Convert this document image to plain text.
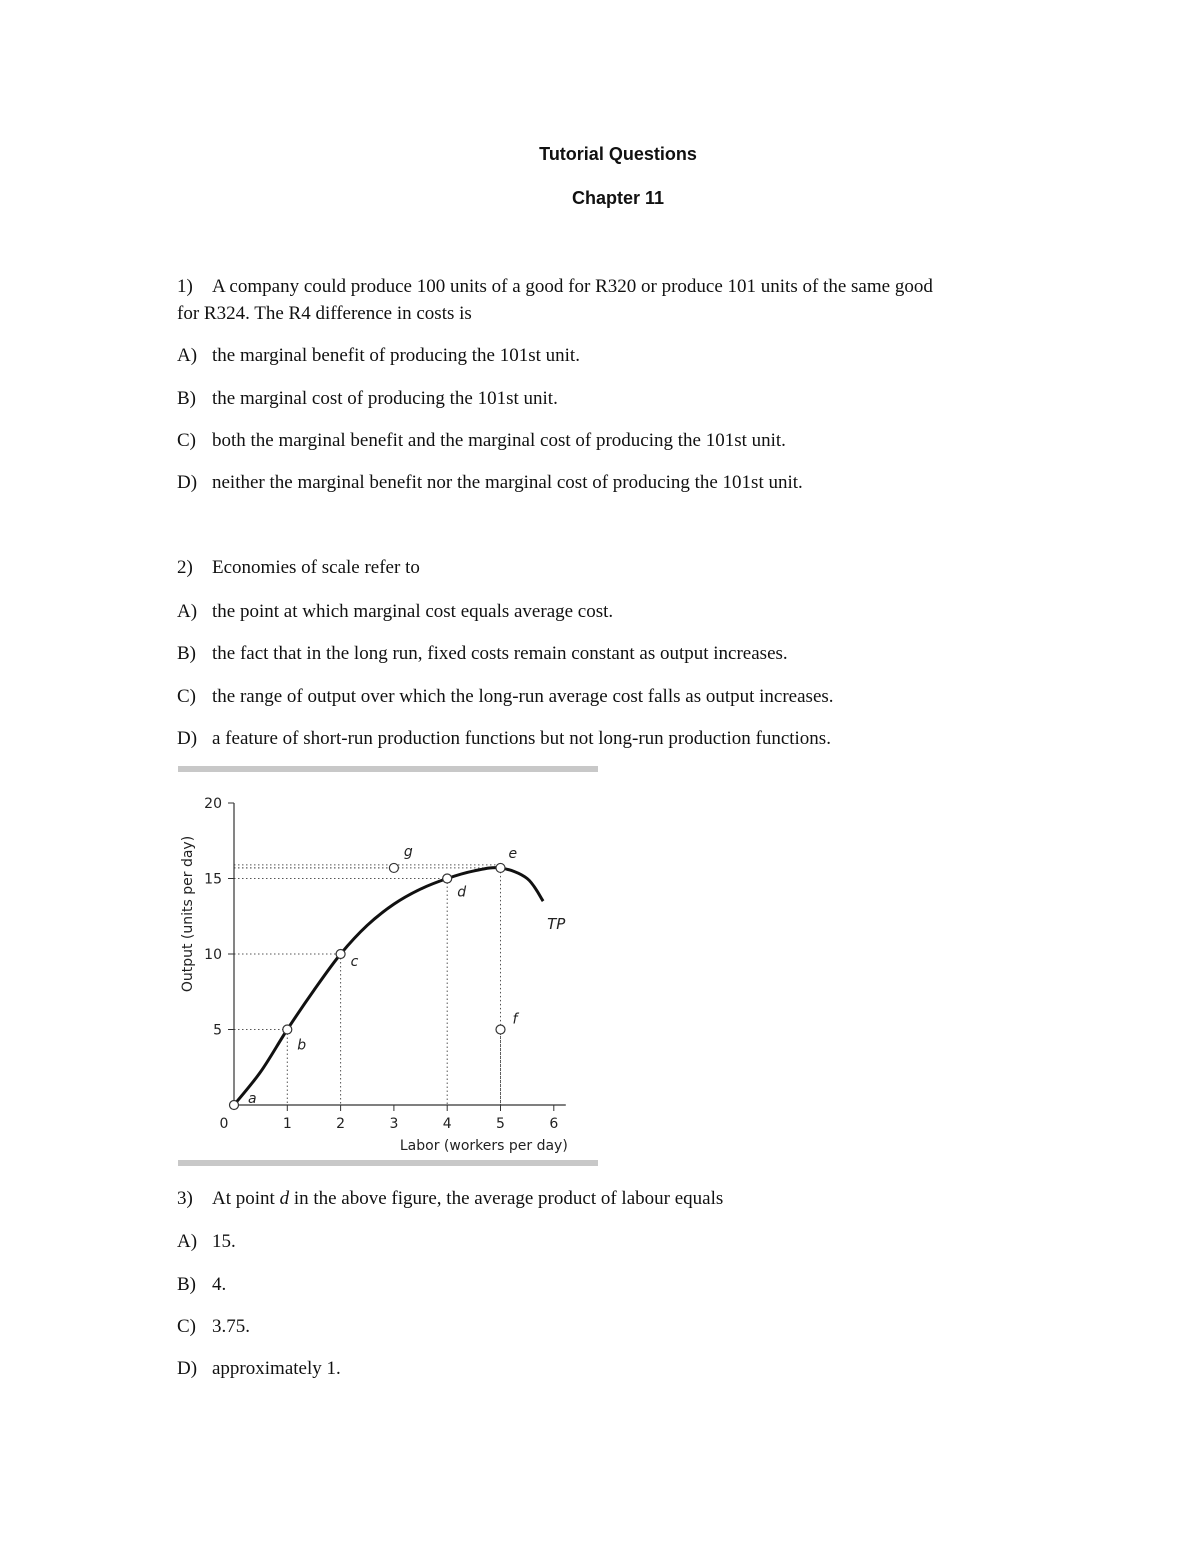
Tutorial Questions
Chapter 11
1) A company could produce 100 units of a good for R320 or produce 101 units of the same good
for R324. The R4 difference in costs is
A) the marginal benefit of producing the 101st unit.
B) the marginal cost of producing the 101st unit.
C) both the marginal benefit and the marginal cost of producing the 101st unit.
D) neither the marginal benefit nor the marginal cost of producing the 101st unit.
2) Economies of scale refer to
A) the point at which marginal cost equals average cost.
B) the fact that in the long run, fixed costs remain constant as output increases.
C) the range of output over which the long-run average cost falls as output increases.
D) a feature of short-run production functions but not long-run production functions.
0	1	2	3	4	5	6
5
10
15
20
Labor (workers per day)
Output (units per day)	TP
a
b
c
d
e
g
f
3) At point d in the above figure, the average product of labour equals
A) 15.
B) 4.
C) 3.75.
D) approximately 1.
